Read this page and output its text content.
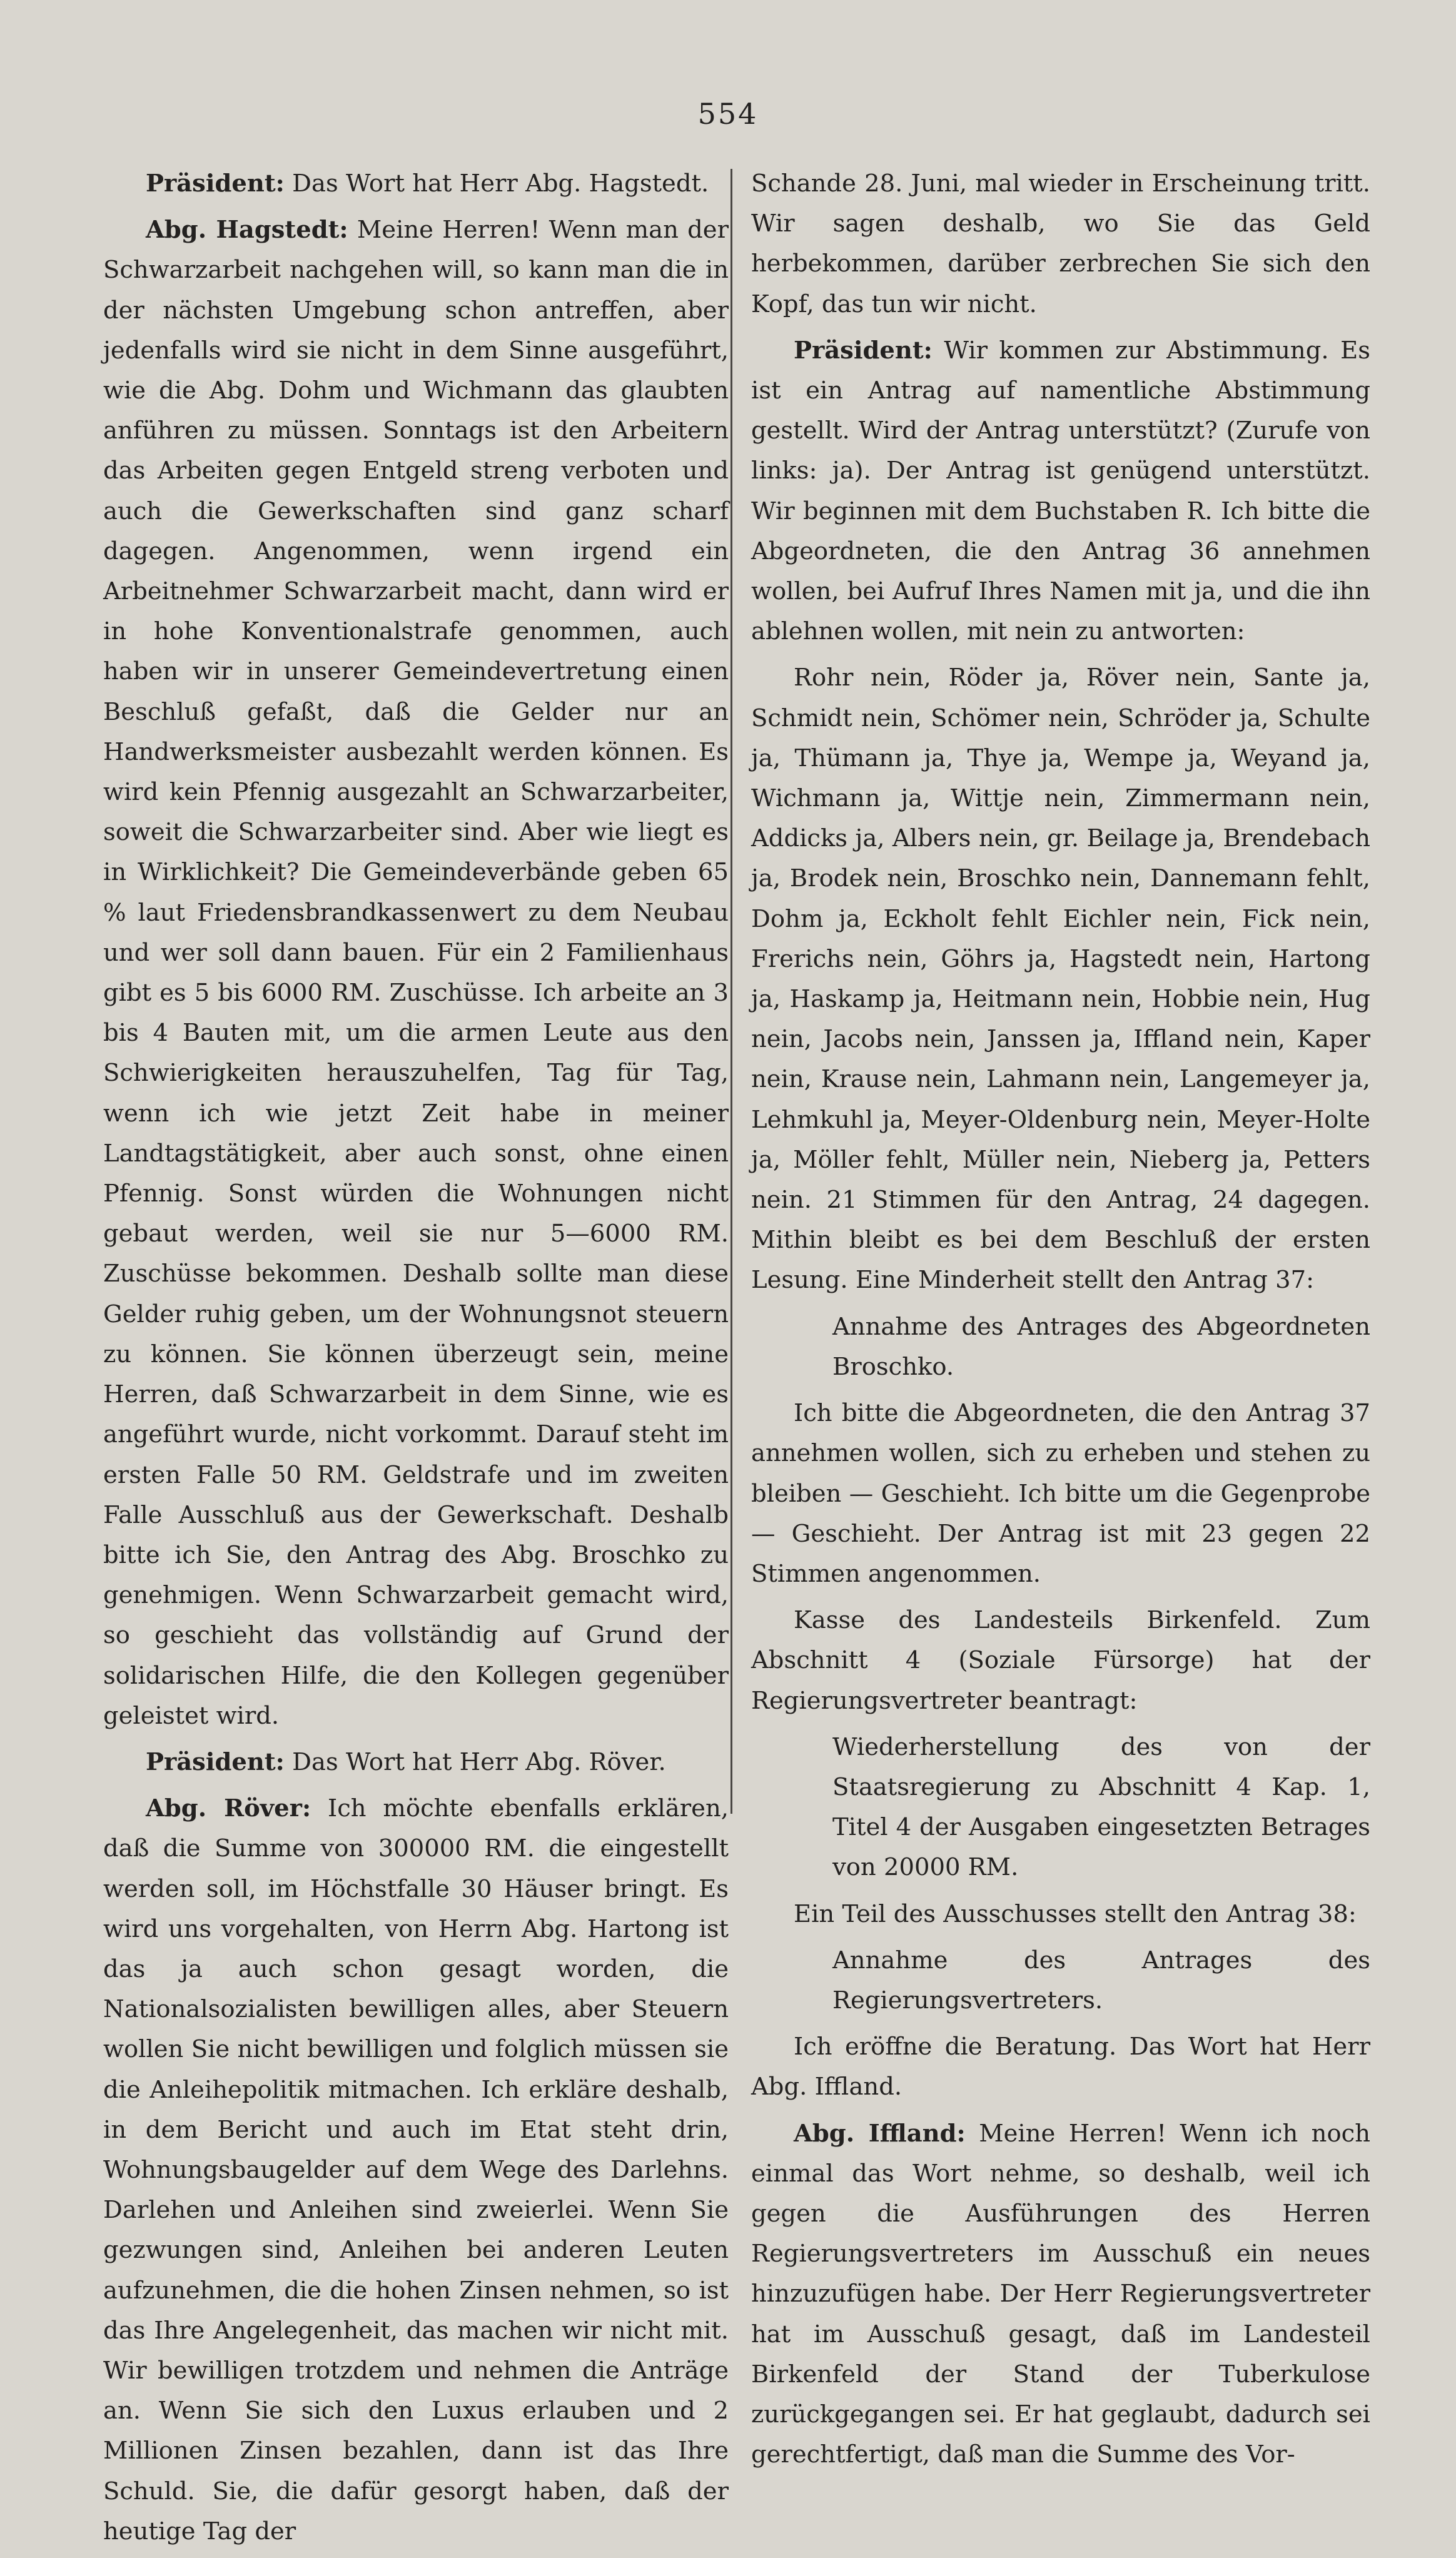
554

Präsident: Das Wort hat Herr Abg. Hagstedt.

Abg. Hagstedt: Meine Herren! Wenn man der Schwarzarbeit nachgehen will, so kann man die in der nächsten Umgebung schon antreffen, aber jedenfalls wird sie nicht in dem Sinne ausgeführt, wie die Abg. Dohm und Wichmann das glaubten anführen zu müssen. Sonntags ist den Arbeitern das Arbeiten gegen Entgeld streng verboten und auch die Gewerkschaften sind ganz scharf dagegen. Angenommen, wenn irgend ein Arbeitnehmer Schwarzarbeit macht, dann wird er in hohe Konventionalstrafe genommen, auch haben wir in unserer Gemeindevertretung einen Beschluß gefaßt, daß die Gelder nur an Handwerksmeister ausbezahlt werden können. Es wird kein Pfennig ausgezahlt an Schwarzarbeiter, soweit die Schwarzarbeiter sind. Aber wie liegt es in Wirklichkeit? Die Gemeindeverbände geben 65 % laut Friedensbrandkassenwert zu dem Neubau und wer soll dann bauen. Für ein 2 Familienhaus gibt es 5 bis 6000 RM. Zuschüsse. Ich arbeite an 3 bis 4 Bauten mit, um die armen Leute aus den Schwierigkeiten herauszuhelfen, Tag für Tag, wenn ich wie jetzt Zeit habe in meiner Landtagstätigkeit, aber auch sonst, ohne einen Pfennig. Sonst würden die Wohnungen nicht gebaut werden, weil sie nur 5—6000 RM. Zuschüsse bekommen. Deshalb sollte man diese Gelder ruhig geben, um der Wohnungsnot steuern zu können. Sie können überzeugt sein, meine Herren, daß Schwarzarbeit in dem Sinne, wie es angeführt wurde, nicht vorkommt. Darauf steht im ersten Falle 50 RM. Geldstrafe und im zweiten Falle Ausschluß aus der Gewerkschaft. Deshalb bitte ich Sie, den Antrag des Abg. Broschko zu genehmigen. Wenn Schwarzarbeit gemacht wird, so geschieht das vollständig auf Grund der solidarischen Hilfe, die den Kollegen gegenüber geleistet wird.

Präsident: Das Wort hat Herr Abg. Röver.

Abg. Röver: Ich möchte ebenfalls erklären, daß die Summe von 300000 RM. die eingestellt werden soll, im Höchstfalle 30 Häuser bringt. Es wird uns vorgehalten, von Herrn Abg. Hartong ist das ja auch schon gesagt worden, die Nationalsozialisten bewilligen alles, aber Steuern wollen Sie nicht bewilligen und folglich müssen sie die Anleihepolitik mitmachen. Ich erkläre deshalb, in dem Bericht und auch im Etat steht drin, Wohnungsbaugelder auf dem Wege des Darlehns. Darlehen und Anleihen sind zweierlei. Wenn Sie gezwungen sind, Anleihen bei anderen Leuten aufzunehmen, die die hohen Zinsen nehmen, so ist das Ihre Angelegenheit, das machen wir nicht mit. Wir bewilligen trotzdem und nehmen die Anträge an. Wenn Sie sich den Luxus erlauben und 2 Millionen Zinsen bezahlen, dann ist das Ihre Schuld. Sie, die dafür gesorgt haben, daß der heutige Tag der

Schande 28. Juni, mal wieder in Erscheinung tritt. Wir sagen deshalb, wo Sie das Geld herbekommen, darüber zerbrechen Sie sich den Kopf, das tun wir nicht.

Präsident: Wir kommen zur Abstimmung. Es ist ein Antrag auf namentliche Abstimmung gestellt. Wird der Antrag unterstützt? (Zurufe von links: ja). Der Antrag ist genügend unterstützt. Wir beginnen mit dem Buchstaben R. Ich bitte die Abgeordneten, die den Antrag 36 annehmen wollen, bei Aufruf Ihres Namen mit ja, und die ihn ablehnen wollen, mit nein zu antworten:

Rohr nein, Röder ja, Röver nein, Sante ja, Schmidt nein, Schömer nein, Schröder ja, Schulte ja, Thümann ja, Thye ja, Wempe ja, Weyand ja, Wichmann ja, Wittje nein, Zimmermann nein, Addicks ja, Albers nein, gr. Beilage ja, Brendebach ja, Brodek nein, Broschko nein, Dannemann fehlt, Dohm ja, Eckholt fehlt Eichler nein, Fick nein, Frerichs nein, Göhrs ja, Hagstedt nein, Hartong ja, Haskamp ja, Heitmann nein, Hobbie nein, Hug nein, Jacobs nein, Janssen ja, Iffland nein, Kaper nein, Krause nein, Lahmann nein, Langemeyer ja, Lehmkuhl ja, Meyer-Oldenburg nein, Meyer-Holte ja, Möller fehlt, Müller nein, Nieberg ja, Petters nein. 21 Stimmen für den Antrag, 24 dagegen. Mithin bleibt es bei dem Beschluß der ersten Lesung. Eine Minderheit stellt den Antrag 37:

Annahme des Antrages des Abgeordneten Broschko.

Ich bitte die Abgeordneten, die den Antrag 37 annehmen wollen, sich zu erheben und stehen zu bleiben — Geschieht. Ich bitte um die Gegenprobe — Geschieht. Der Antrag ist mit 23 gegen 22 Stimmen angenommen.

Kasse des Landesteils Birkenfeld. Zum Abschnitt 4 (Soziale Fürsorge) hat der Regierungsvertreter beantragt:

Wiederherstellung des von der Staatsregierung zu Abschnitt 4 Kap. 1, Titel 4 der Ausgaben eingesetzten Betrages von 20000 RM.

Ein Teil des Ausschusses stellt den Antrag 38:

Annahme des Antrages des Regierungsvertreters.

Ich eröffne die Beratung. Das Wort hat Herr Abg. Iffland.

Abg. Iffland: Meine Herren! Wenn ich noch einmal das Wort nehme, so deshalb, weil ich gegen die Ausführungen des Herren Regierungsvertreters im Ausschuß ein neues hinzuzufügen habe. Der Herr Regierungsvertreter hat im Ausschuß gesagt, daß im Landesteil Birkenfeld der Stand der Tuberkulose zurückgegangen sei. Er hat geglaubt, dadurch sei gerechtfertigt, daß man die Summe des Vor-
